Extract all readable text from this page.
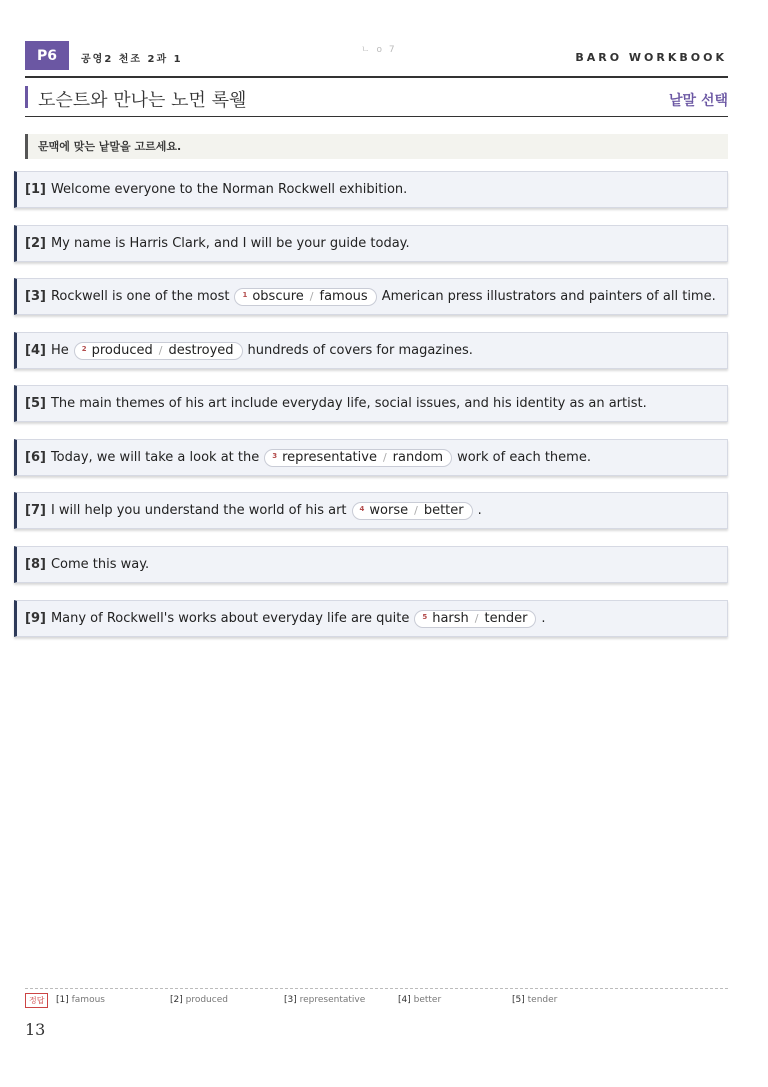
P6	공영2 천조 2과 1
ㄴ o 7
BARO WORKBOOK
도슨트와 만나는 노먼 록웰	낱말 선택
문맥에 맞는 낱말을 고르세요.
[1] Welcome everyone to the Norman Rockwell exhibition.
[2] My name is Harris Clark, and I will be your guide today.
[3] Rockwell is one of the most $^1$ obscure / famous American press illustrators and painters of all time.
[4] He $^2$ produced / destroyed hundreds of covers for magazines.
[5] The main themes of his art include everyday life, social issues, and his identity as an artist.
[6] Today, we will take a look at the $^3$ representative / random work of each theme.
[7] I will help you understand the world of his art $^4$ worse / better .
[8] Come this way.
[9] Many of Rockwell's works about everyday life are quite $^5$ harsh / tender .
정답	[1] famous	[2] produced	[3] representative	[4] better	[5] tender
13
